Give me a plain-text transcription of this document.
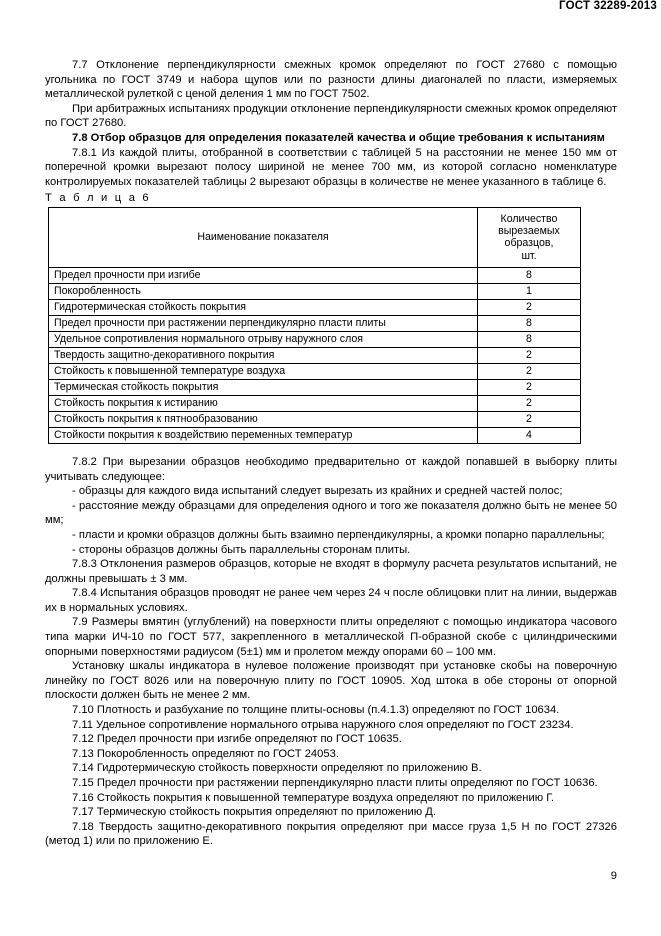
ГОСТ 32289-2013

7.7 Отклонение перпендикулярности смежных кромок определяют по ГОСТ 27680 с помощью угольника по ГОСТ 3749 и набора щупов или по разности длины диагоналей по пласти, измеряемых металлической рулеткой с ценой деления 1 мм по ГОСТ 7502.

При арбитражных испытаниях продукции отклонение перпендикулярности смежных кромок определяют по ГОСТ 27680.

7.8 Отбор образцов для определения показателей качества и общие требования к испытаниям

7.8.1 Из каждой плиты, отобранной в соответствии с таблицей 5 на расстоянии не менее 150 мм от поперечной кромки вырезают полосу шириной не менее 700 мм, из которой согласно номенклатуре контролируемых показателей таблицы 2 вырезают образцы в количестве не менее указанного в таблице 6.

Т а б л и ц а 6
Наименование показателя	Количество
вырезаемых
образцов,
шт.

Предел прочности при изгибе	8
Покоробленность	1
Гидротермическая стойкость покрытия	2
Предел прочности при растяжении перпендикулярно пласти плиты	8
Удельное сопротивления нормального отрыву наружного слоя	8
Твердость защитно-декоративного покрытия	2
Стойкость к повышенной температуре воздуха	2
Термическая стойкость покрытия	2
Стойкость покрытия к истиранию	2
Стойкость покрытия к пятнообразованию	2
Стойкости покрытия к воздействию переменных температур	4

7.8.2 При вырезании образцов необходимо предварительно от каждой попавшей в выборку плиты учитывать следующее:

- образцы для каждого вида испытаний следует вырезать из крайних и средней частей полос;

- расстояние между образцами для определения одного и того же показателя должно быть не менее 50 мм;

- пласти и кромки образцов должны быть взаимно перпендикулярны, а кромки попарно параллельны;

- стороны образцов должны быть параллельны сторонам плиты.

7.8.3 Отклонения размеров образцов, которые не входят в формулу расчета результатов испытаний, не должны превышать ± 3 мм.

7.8.4 Испытания образцов проводят не ранее чем через 24 ч после облицовки плит на линии, выдержав их в нормальных условиях.

7.9 Размеры вмятин (углублений) на поверхности плиты определяют с помощью индикатора часового типа марки ИЧ-10 по ГОСТ 577, закрепленного в металлической П-образной скобе с цилиндрическими опорными поверхностями радиусом (5±1) мм и пролетом между опорами 60 – 100 мм.

Установку шкалы индикатора в нулевое положение производят при установке скобы на поверочную линейку по ГОСТ 8026 или на поверочную плиту по ГОСТ 10905. Ход штока в обе стороны от опорной плоскости должен быть не менее 2 мм.

7.10 Плотность и разбухание по толщине плиты-основы (п.4.1.3) определяют по ГОСТ 10634.

7.11 Удельное сопротивление нормального отрыва наружного слоя определяют по ГОСТ 23234.

7.12 Предел прочности при изгибе определяют по ГОСТ 10635.

7.13 Покоробленность определяют по ГОСТ 24053.

7.14 Гидротермическую стойкость поверхности определяют по приложению В.

7.15 Предел прочности при растяжении перпендикулярно пласти плиты определяют по ГОСТ 10636.

7.16 Стойкость покрытия к повышенной температуре воздуха определяют по приложению Г.

7.17 Термическую стойкость покрытия определяют по приложению Д.

7.18 Твердость защитно-декоративного покрытия определяют при массе груза 1,5 Н по ГОСТ 27326 (метод 1) или по приложению Е.

9
